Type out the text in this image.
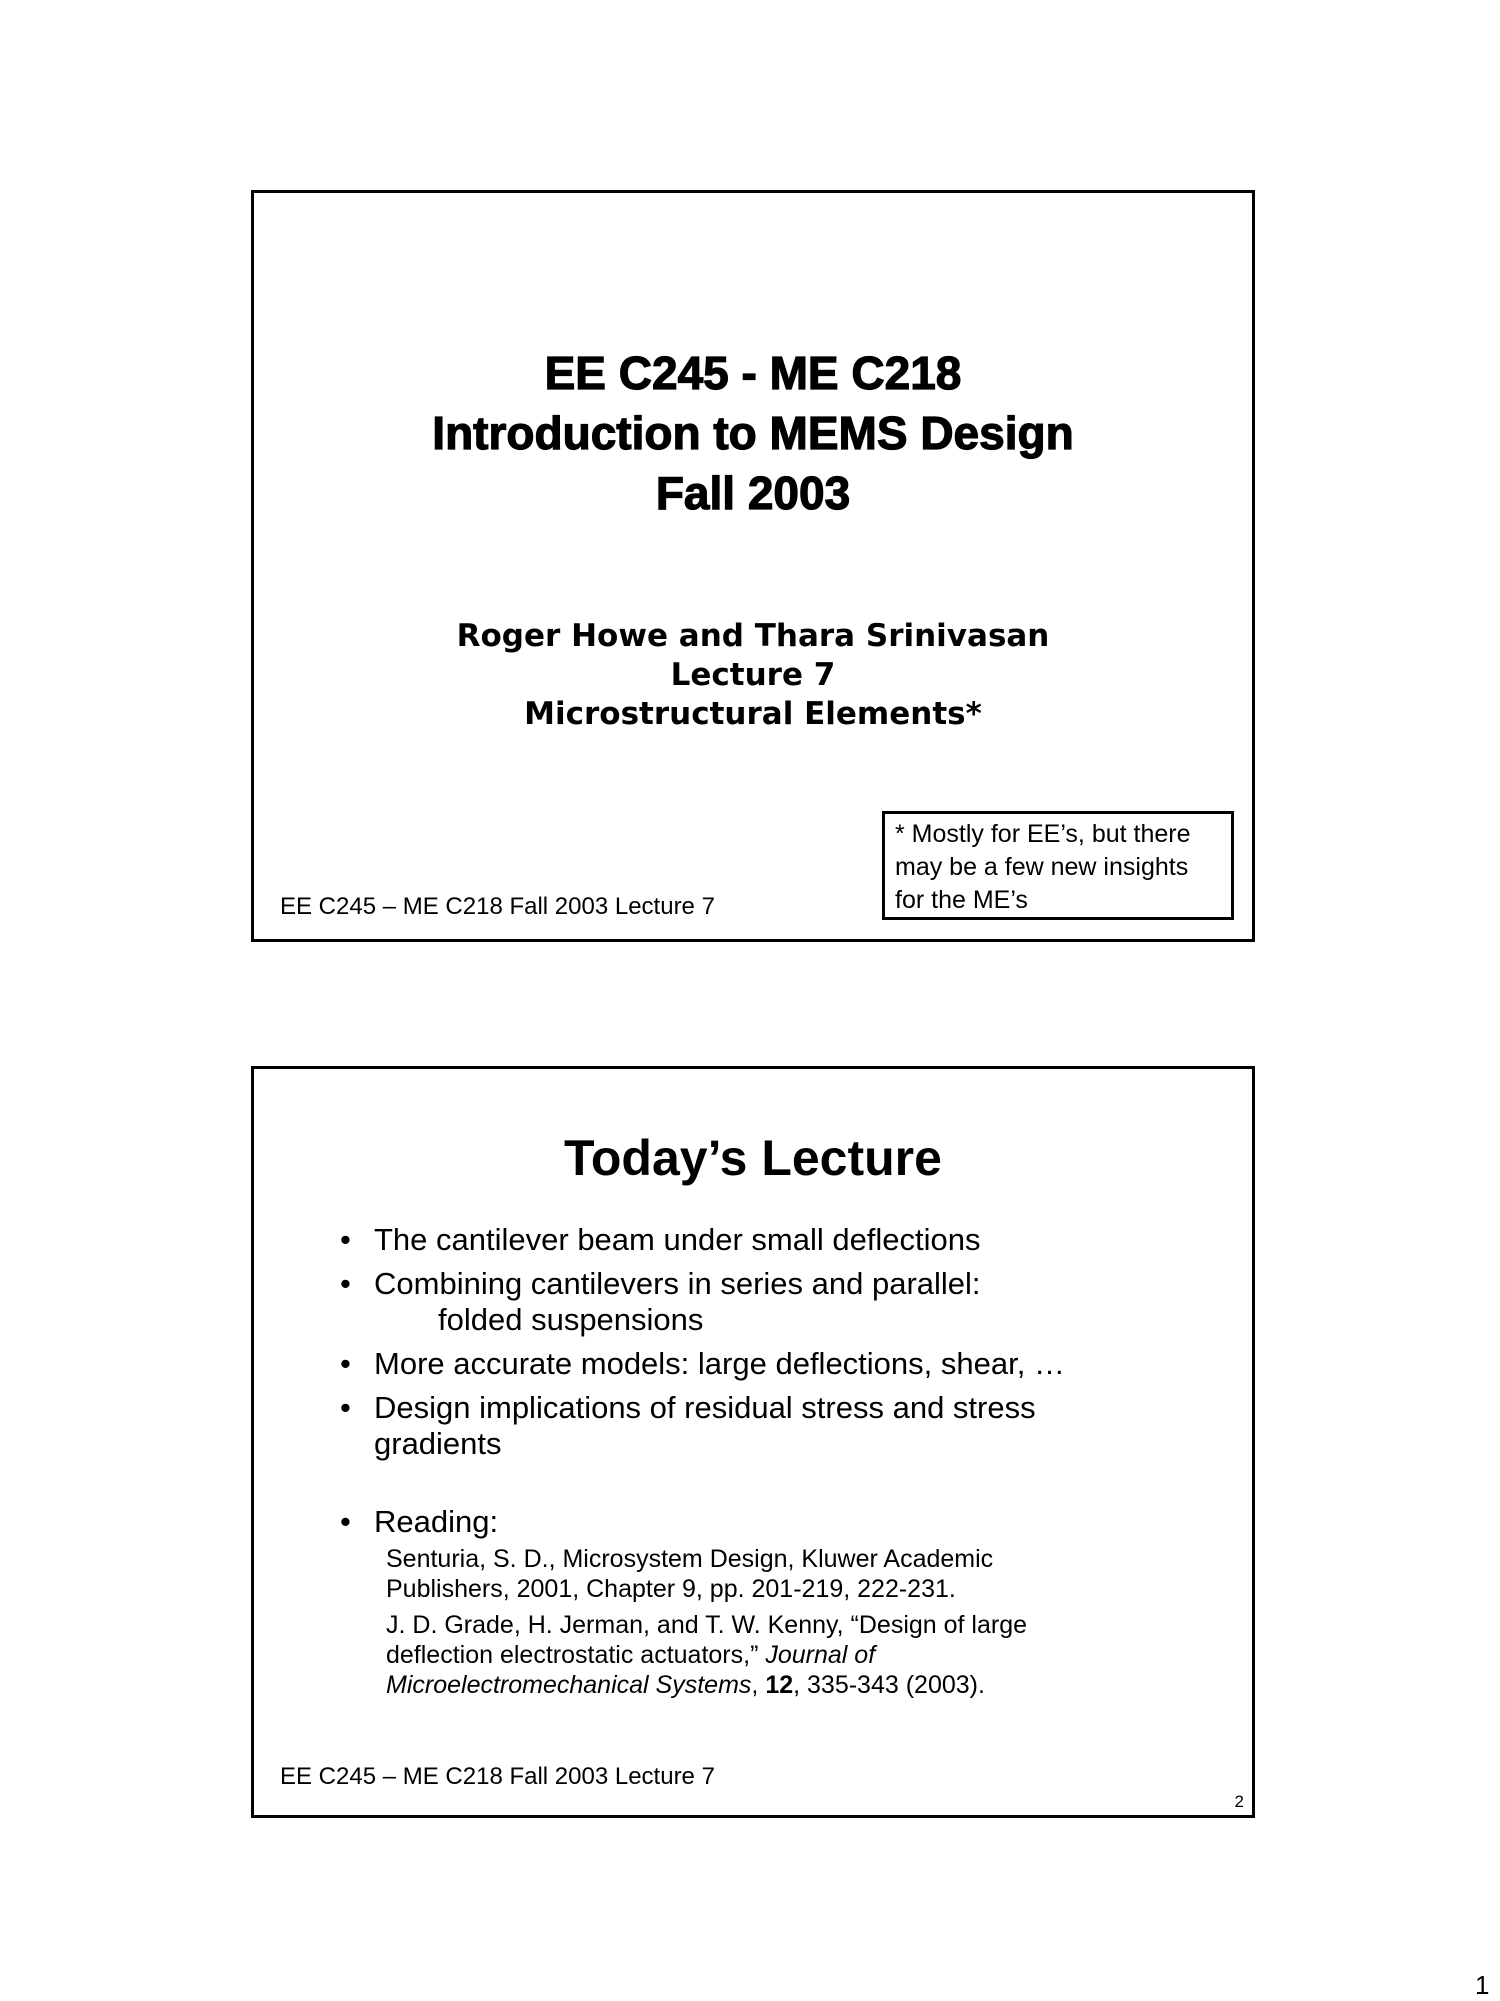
EE C245 - ME C218
Introduction to MEMS Design
Fall 2003
Roger Howe and Thara Srinivasan
Lecture 7
Microstructural Elements*
* Mostly for EE’s, but there
may be a few new insights
for the ME’s
EE C245 – ME C218 Fall 2003 Lecture 7
Today’s Lecture
• The cantilever beam under small deflections
• Combining cantilevers in series and parallel:
folded suspensions
• More accurate models: large deflections, shear, …
• Design implications of residual stress and stress
gradients
• Reading:
Senturia, S. D., Microsystem Design, Kluwer Academic
Publishers, 2001, Chapter 9, pp. 201-219, 222-231.
J. D. Grade, H. Jerman, and T. W. Kenny, “Design of large
deflection electrostatic actuators,” Journal of
Microelectromechanical Systems, 12, 335-343 (2003).
EE C245 – ME C218 Fall 2003 Lecture 7
2
1
